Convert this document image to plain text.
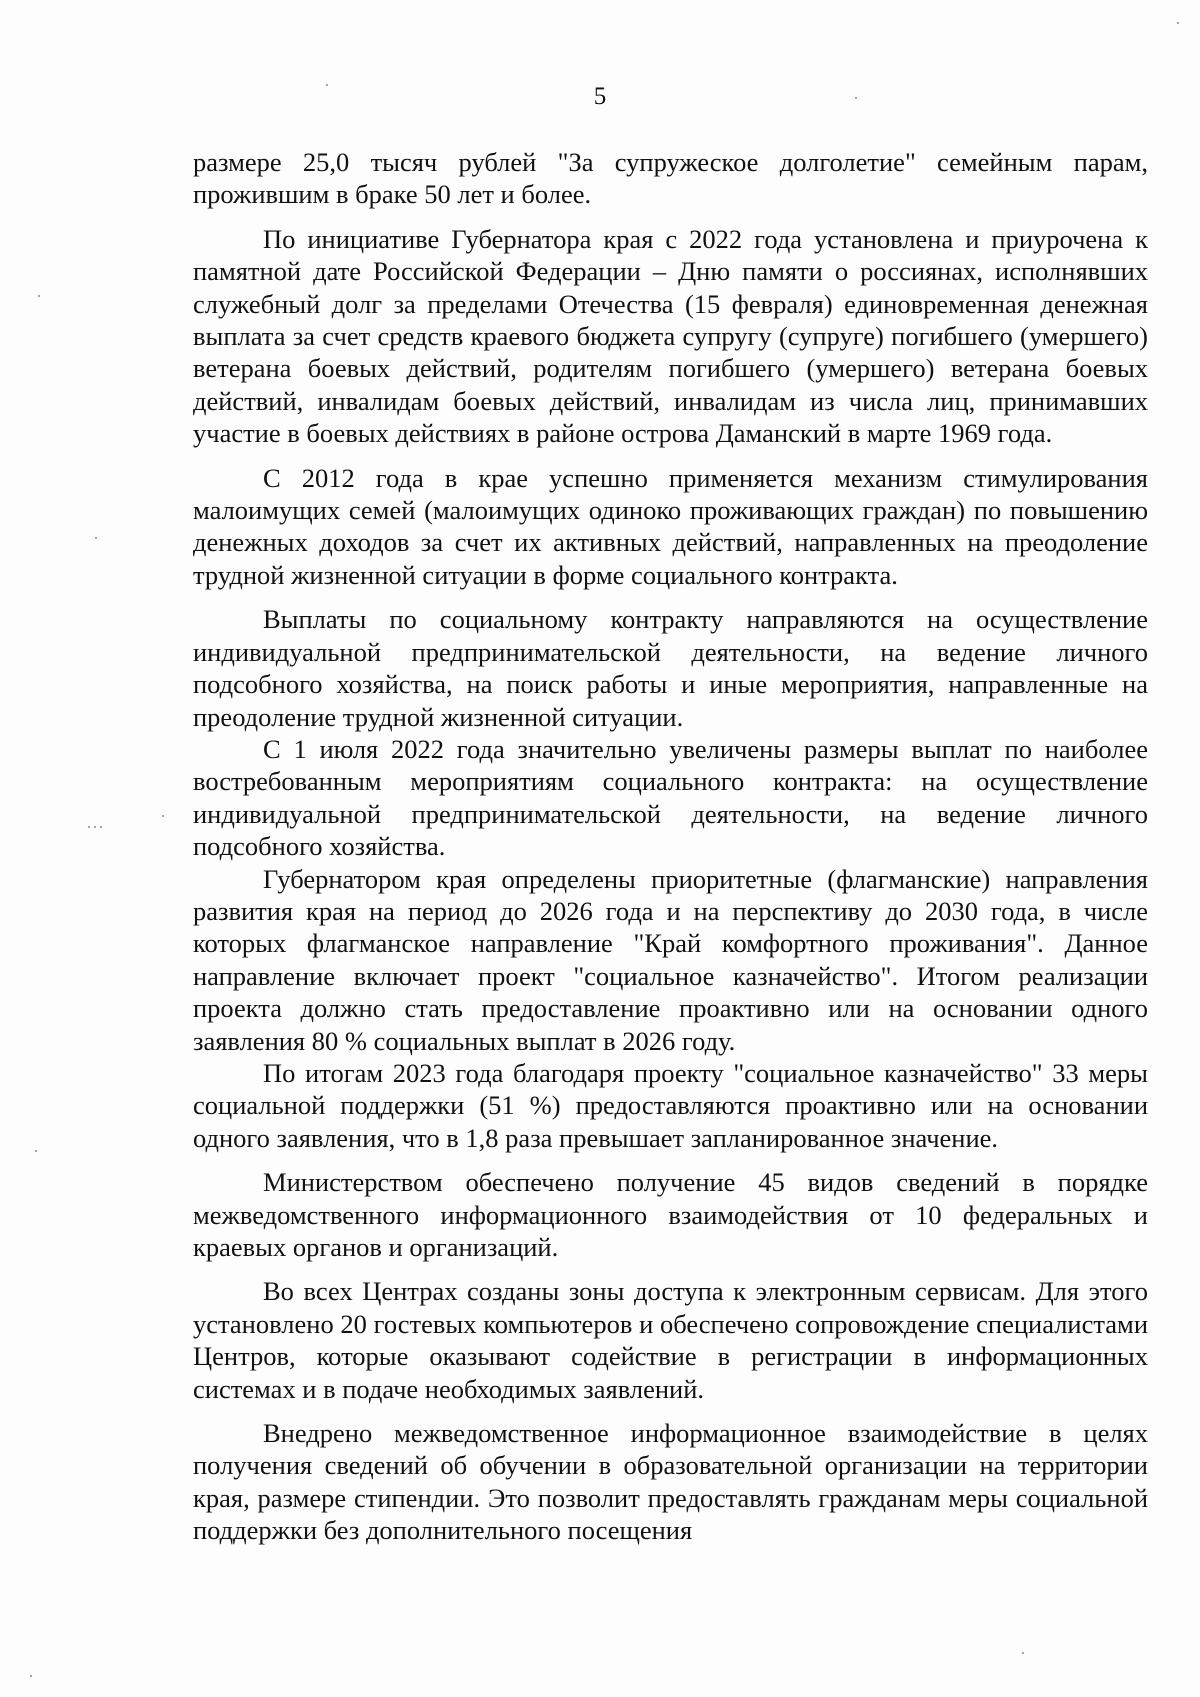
5

размере 25,0 тысяч рублей "За супружеское долголетие" семейным парам, прожившим в браке 50 лет и более.

По инициативе Губернатора края с 2022 года установлена и приурочена к памятной дате Российской Федерации – Дню памяти о россиянах, исполнявших служебный долг за пределами Отечества (15 февраля) единовременная денежная выплата за счет средств краевого бюджета супругу (супруге) погибшего (умершего) ветерана боевых действий, родителям погибшего (умершего) ветерана боевых действий, инвалидам боевых действий, инвалидам из числа лиц, принимавших участие в боевых действиях в районе острова Даманский в марте 1969 года.

С 2012 года в крае успешно применяется механизм стимулирования малоимущих семей (малоимущих одиноко проживающих граждан) по повышению денежных доходов за счет их активных действий, направленных на преодоление трудной жизненной ситуации в форме социального контракта.

Выплаты по социальному контракту направляются на осуществление индивидуальной предпринимательской деятельности, на ведение личного подсобного хозяйства, на поиск работы и иные мероприятия, направленные на преодоление трудной жизненной ситуации.

С 1 июля 2022 года значительно увеличены размеры выплат по наиболее востребованным мероприятиям социального контракта: на осуществление индивидуальной предпринимательской деятельности, на ведение личного подсобного хозяйства.

Губернатором края определены приоритетные (флагманские) направления развития края на период до 2026 года и на перспективу до 2030 года, в числе которых флагманское направление "Край комфортного проживания". Данное направление включает проект "социальное казначейство". Итогом реализации проекта должно стать предоставление проактивно или на основании одного заявления 80 % социальных выплат в 2026 году.

По итогам 2023 года благодаря проекту "социальное казначейство" 33 меры социальной поддержки (51 %) предоставляются проактивно или на основании одного заявления, что в 1,8 раза превышает запланированное значение.

Министерством обеспечено получение 45 видов сведений в порядке межведомственного информационного взаимодействия от 10 федеральных и краевых органов и организаций.

Во всех Центрах созданы зоны доступа к электронным сервисам. Для этого установлено 20 гостевых компьютеров и обеспечено сопровождение специалистами Центров, которые оказывают содействие в регистрации в информационных системах и в подаче необходимых заявлений.

Внедрено межведомственное информационное взаимодействие в целях получения сведений об обучении в образовательной организации на территории края, размере стипендии. Это позволит предоставлять гражданам меры социальной поддержки без дополнительного посещения
